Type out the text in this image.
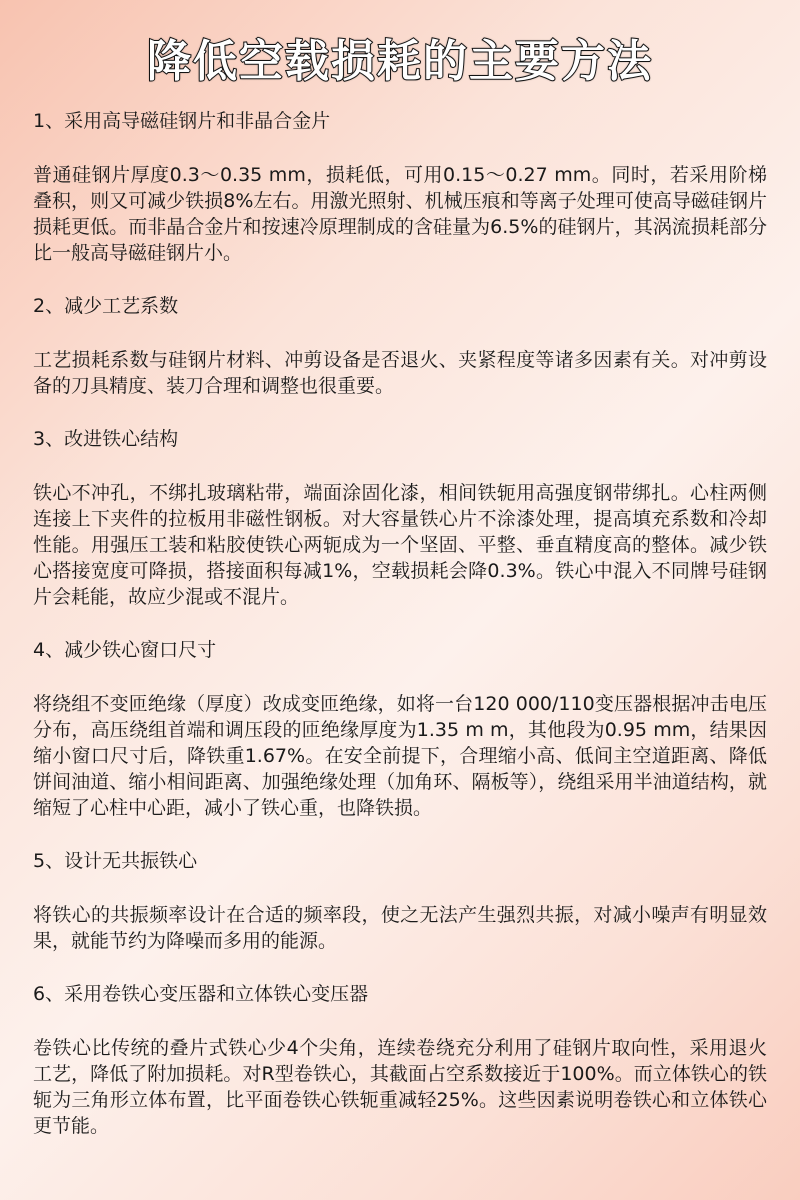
降低空载损耗的主要方法

1、采用高导磁硅钢片和非晶合金片

普通硅钢片厚度0.3～0.35 mm，损耗低，可用0.15～0.27 mm。同时，若采用阶梯叠积，则又可减少铁损8%左右。用激光照射、机械压痕和等离子处理可使高导磁硅钢片损耗更低。而非晶合金片和按速冷原理制成的含硅量为6.5%的硅钢片，其涡流损耗部分比一般高导磁硅钢片小。

2、减少工艺系数

工艺损耗系数与硅钢片材料、冲剪设备是否退火、夹紧程度等诸多因素有关。对冲剪设备的刀具精度、装刀合理和调整也很重要。

3、改进铁心结构

铁心不冲孔，不绑扎玻璃粘带，端面涂固化漆，相间铁轭用高强度钢带绑扎。心柱两侧连接上下夹件的拉板用非磁性钢板。对大容量铁心片不涂漆处理，提高填充系数和冷却性能。用强压工装和粘胶使铁心两轭成为一个坚固、平整、垂直精度高的整体。减少铁心搭接宽度可降损，搭接面积每减1%，空载损耗会降0.3%。铁心中混入不同牌号硅钢片会耗能，故应少混或不混片。

4、减少铁心窗口尺寸

将绕组不变匝绝缘（厚度）改成变匝绝缘，如将一台120 000/110变压器根据冲击电压分布，高压绕组首端和调压段的匝绝缘厚度为1.35 m m，其他段为0.95 mm，结果因缩小窗口尺寸后，降铁重1.67%。在安全前提下，合理缩小高、低间主空道距离、降低饼间油道、缩小相间距离、加强绝缘处理（加角环、隔板等），绕组采用半油道结构，就缩短了心柱中心距，减小了铁心重，也降铁损。

5、设计无共振铁心

将铁心的共振频率设计在合适的频率段，使之无法产生强烈共振，对减小噪声有明显效果，就能节约为降噪而多用的能源。

6、采用卷铁心变压器和立体铁心变压器

卷铁心比传统的叠片式铁心少4个尖角，连续卷绕充分利用了硅钢片取向性，采用退火工艺，降低了附加损耗。对R型卷铁心，其截面占空系数接近于100%。而立体铁心的铁轭为三角形立体布置，比平面卷铁心铁轭重减轻25%。这些因素说明卷铁心和立体铁心更节能。
